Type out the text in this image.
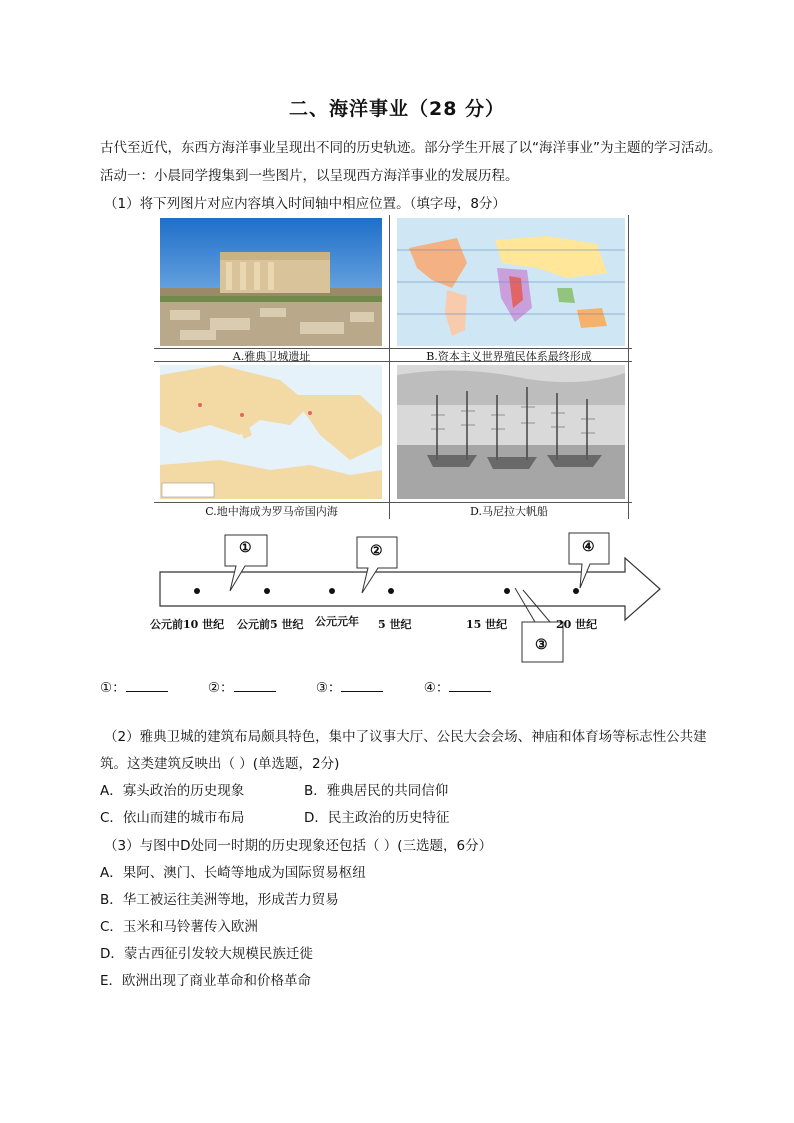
二、海洋事业（28 分）
古代至近代，东西方海洋事业呈现出不同的历史轨迹。部分学生开展了以“海洋事业”为主题的学习活动。
活动一：小晨同学搜集到一些图片，以呈现西方海洋事业的发展历程。
（1）将下列图片对应内容填入时间轴中相应位置。（填字母，8分）
A.雅典卫城遗址	B.资本主义世界殖民体系最终形成
C.地中海成为罗马帝国内海	D.马尼拉大帆船
公元前10 世纪 公元前5 世纪 公元元年 5 世纪	15 世纪	20 世纪
①	②
③
④
①：	②：	③：	④：
（2）雅典卫城的建筑布局颇具特色，集中了议事大厅、公民大会会场、神庙和体育场等标志性公共建
筑。这类建筑反映出（ ）(单选题，2分)
A．寡头政治的历史现象	B．雅典居民的共同信仰
C．依山而建的城市布局	D．民主政治的历史特征
（3）与图中D处同一时期的历史现象还包括（ ）(三选题，6分）
A．果阿、澳门、长崎等地成为国际贸易枢纽
B．华工被运往美洲等地，形成苦力贸易
C．玉米和马铃薯传入欧洲
D．蒙古西征引发较大规模民族迁徙
E．欧洲出现了商业革命和价格革命
